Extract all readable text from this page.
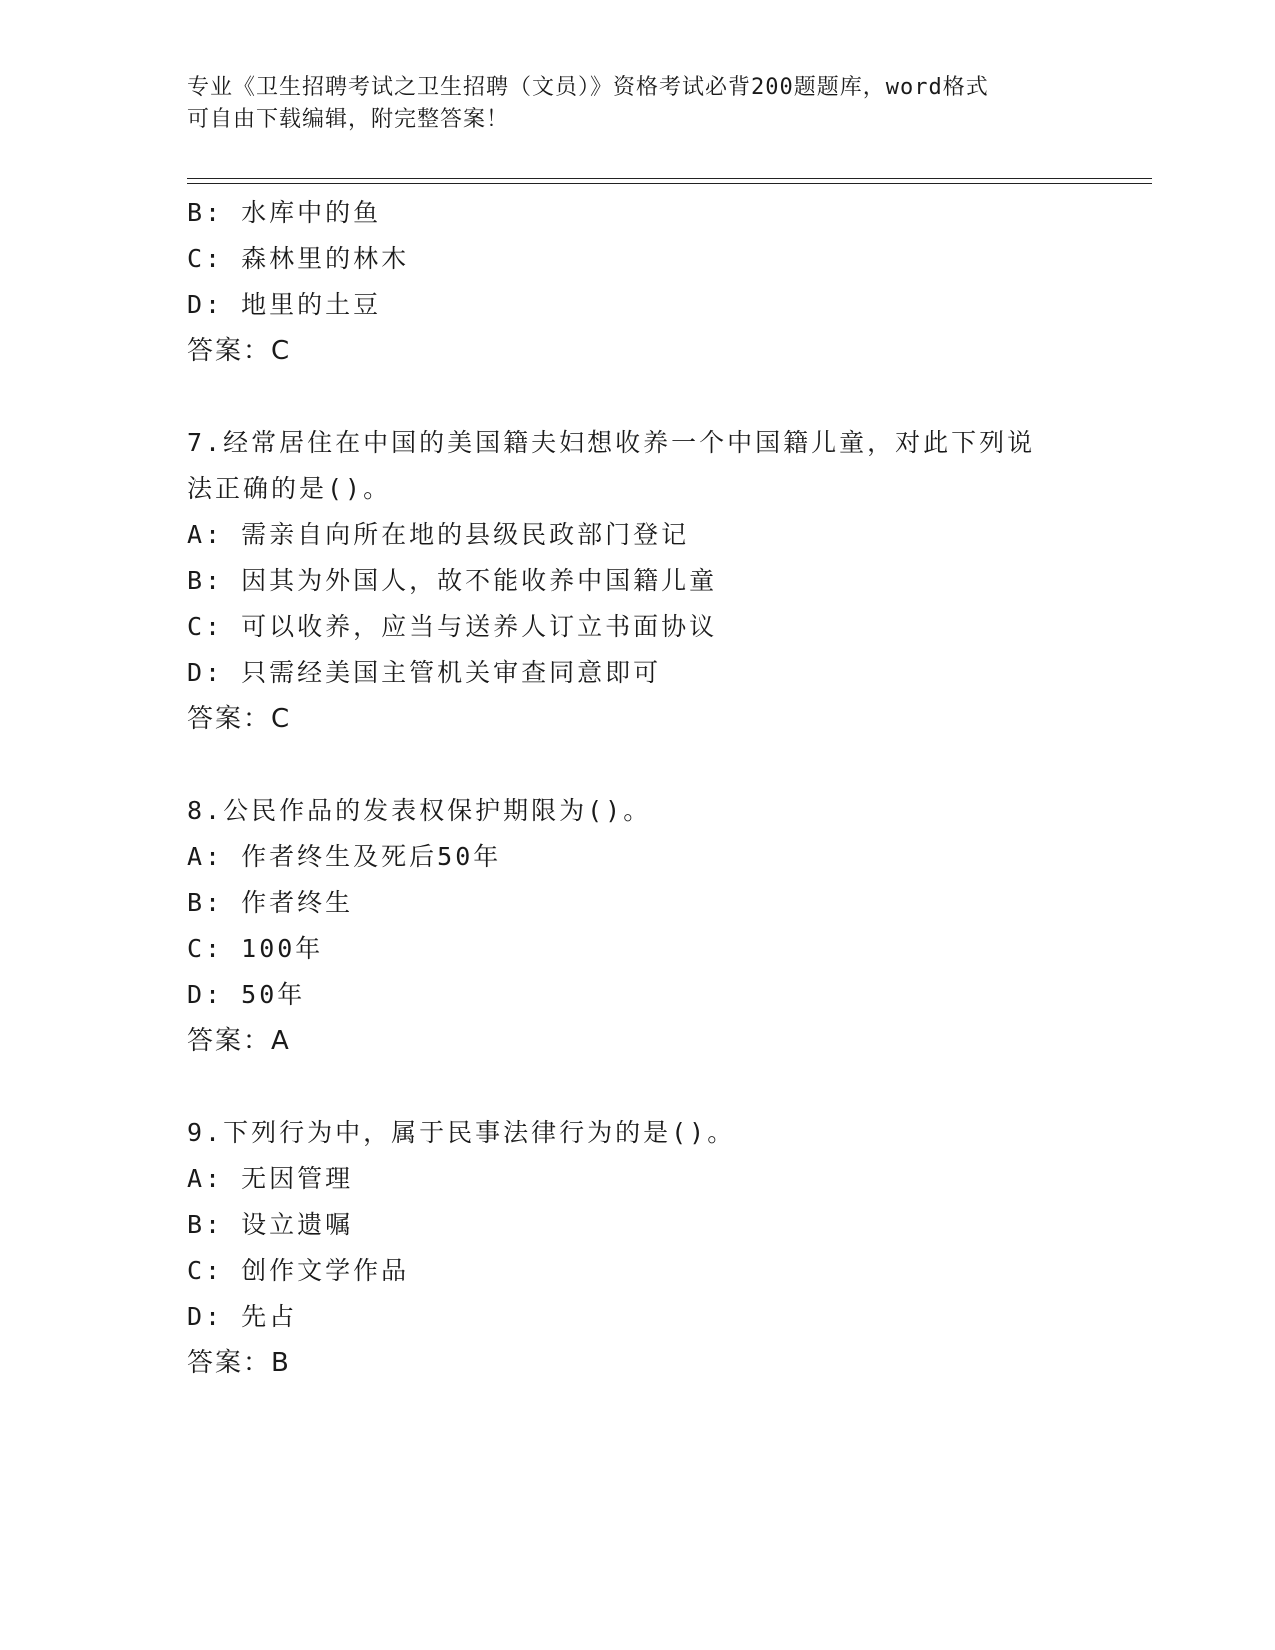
专业《卫生招聘考试之卫生招聘（文员）》资格考试必背200题题库，word格式
可自由下载编辑，附完整答案！
B: 水库中的鱼
C: 森林里的林木
D: 地里的土豆
答案：C
7.经常居住在中国的美国籍夫妇想收养一个中国籍儿童，对此下列说
法正确的是()。
A: 需亲自向所在地的县级民政部门登记
B: 因其为外国人，故不能收养中国籍儿童
C: 可以收养，应当与送养人订立书面协议
D: 只需经美国主管机关审查同意即可
答案：C
8.公民作品的发表权保护期限为()。
A: 作者终生及死后50年
B: 作者终生
C: 100年
D: 50年
答案：A
9.下列行为中，属于民事法律行为的是()。
A: 无因管理
B: 设立遗嘱
C: 创作文学作品
D: 先占
答案：B
